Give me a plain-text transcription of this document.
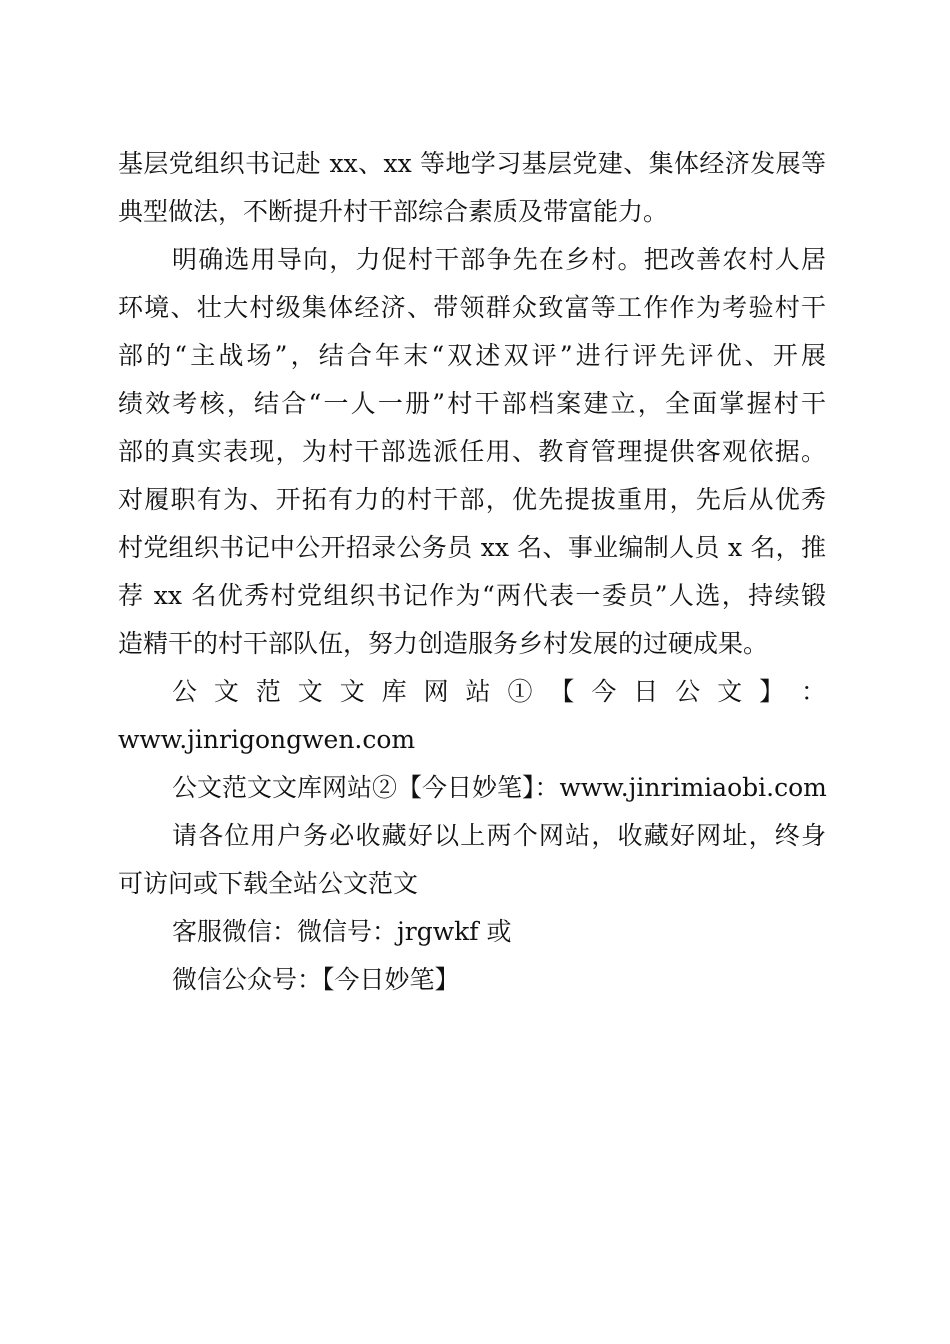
基层党组织书记赴 xx、xx 等地学习基层党建、集体经济发展等

典型做法，不断提升村干部综合素质及带富能力。

明确选用导向，力促村干部争先在乡村。把改善农村人居

环境、壮大村级集体经济、带领群众致富等工作作为考验村干

部的“主战场”，结合年末“双述双评”进行评先评优、开展

绩效考核，结合“一人一册”村干部档案建立，全面掌握村干

部的真实表现，为村干部选派任用、教育管理提供客观依据。

对履职有为、开拓有力的村干部，优先提拔重用，先后从优秀

村党组织书记中公开招录公务员 xx 名、事业编制人员 x 名，推

荐 xx 名优秀村党组织书记作为“两代表一委员”人选，持续锻

造精干的村干部队伍，努力创造服务乡村发展的过硬成果。

公 文 范 文 文 库 网 站 ① 【 今 日 公 文 】 ：

www.jinrigongwen.com

公文范文文库网站②【今日妙笔】：www.jinrimiaobi.com

请各位用户务必收藏好以上两个网站，收藏好网址，终身

可访问或下载全站公文范文

客服微信：微信号：jrgwkf 或

微信公众号：【今日妙笔】
